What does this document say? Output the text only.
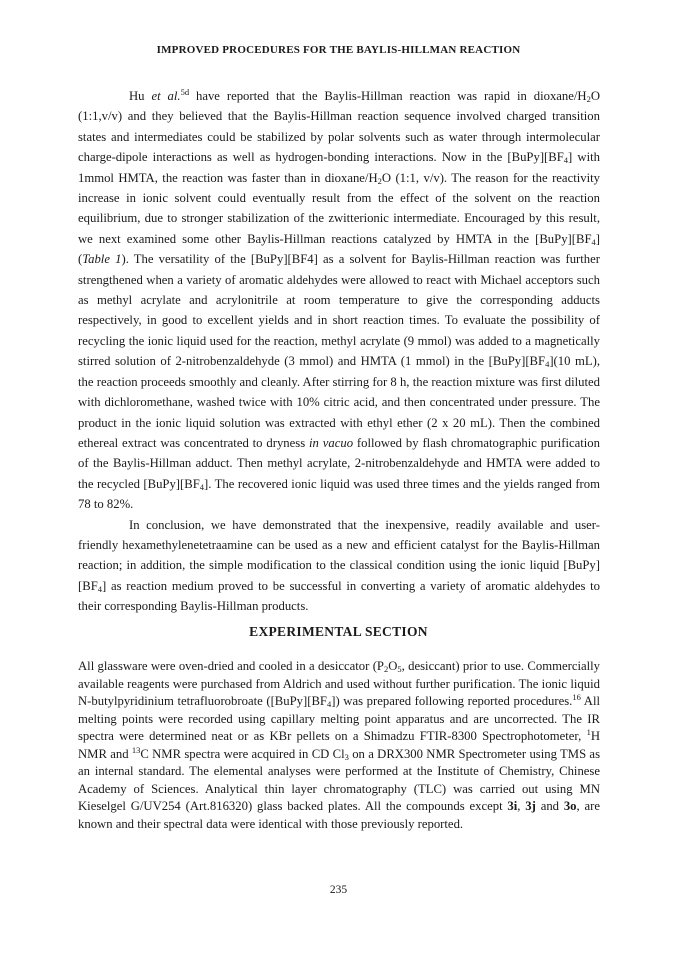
IMPROVED PROCEDURES FOR THE BAYLIS-HILLMAN REACTION

Hu et al.$^{5d}$ have reported that the Baylis-Hillman reaction was rapid in dioxane/$H_2O$ (1:1,v/v) and they believed that the Baylis-Hillman reaction sequence involved charged transition states and intermediates could be stabilized by polar solvents such as water through intermolecular charge-dipole interactions as well as hydrogen-bonding interactions. Now in the $[BuPy][BF_4]$ with 1mmol HMTA, the reaction was faster than in dioxane/$H_2O$ (1:1, v/v). The reason for the reactivity increase in ionic solvent could eventually result from the effect of the solvent on the reaction equilibrium, due to stronger stabilization of the zwitterionic intermediate. Encouraged by this result, we next examined some other Baylis-Hillman reactions catalyzed by HMTA in the $[BuPy][BF_4]$ (Table 1). The versatility of the [BuPy][BF4] as a solvent for Baylis-Hillman reaction was further strengthened when a variety of aromatic aldehydes were allowed to react with Michael acceptors such as methyl acrylate and acrylonitrile at room temperature to give the corresponding adducts respectively, in good to excellent yields and in short reaction times. To evaluate the possibility of recycling the ionic liquid used for the reaction, methyl acrylate (9 mmol) was added to a magnetically stirred solution of 2-nitrobenzaldehyde (3 mmol) and HMTA (1 mmol) in the $[BuPy][BF_4](10$ mL), the reaction proceeds smoothly and cleanly. After stirring for 8 h, the reaction mixture was first diluted with dichloromethane, washed twice with 10% citric acid, and then concentrated under pressure. The product in the ionic liquid solution was extracted with ethyl ether (2 x 20 mL). Then the combined ethereal extract was concentrated to dryness in vacuo followed by flash chromatographic purification of the Baylis-Hillman adduct. Then methyl acrylate, 2-nitrobenzaldehyde and HMTA were added to the recycled $[BuPy][BF_4]$. The recovered ionic liquid was used three times and the yields ranged from 78 to 82%.

In conclusion, we have demonstrated that the inexpensive, readily available and user-friendly hexamethylenetetraamine can be used as a new and efficient catalyst for the Baylis-Hillman reaction; in addition, the simple modification to the classical condition using the ionic liquid $[BuPy][BF_4]$ as reaction medium proved to be successful in converting a variety of aromatic aldehydes to their corresponding Baylis-Hillman products.

EXPERIMENTAL SECTION

All glassware were oven-dried and cooled in a desiccator ($P_2O_5$, desiccant) prior to use. Commercially available reagents were purchased from Aldrich and used without further purification. The ionic liquid N-butylpyridinium tetrafluorobroate $([BuPy][BF_4])$ was prepared following reported procedures.$^{16}$ All melting points were recorded using capillary melting point apparatus and are uncorrected. The IR spectra were determined neat or as KBr pellets on a Shimadzu FTIR-8300 Spectrophotometer, $^1$H NMR and $^{13}$C NMR spectra were acquired in CD $Cl_3$ on a DRX300 NMR Spectrometer using TMS as an internal standard. The elemental analyses were performed at the Institute of Chemistry, Chinese Academy of Sciences. Analytical thin layer chromatography (TLC) was carried out using MN Kieselgel G/UV254 (Art.816320) glass backed plates. All the compounds except 3i, 3j and 3o, are known and their spectral data were identical with those previously reported.

235
